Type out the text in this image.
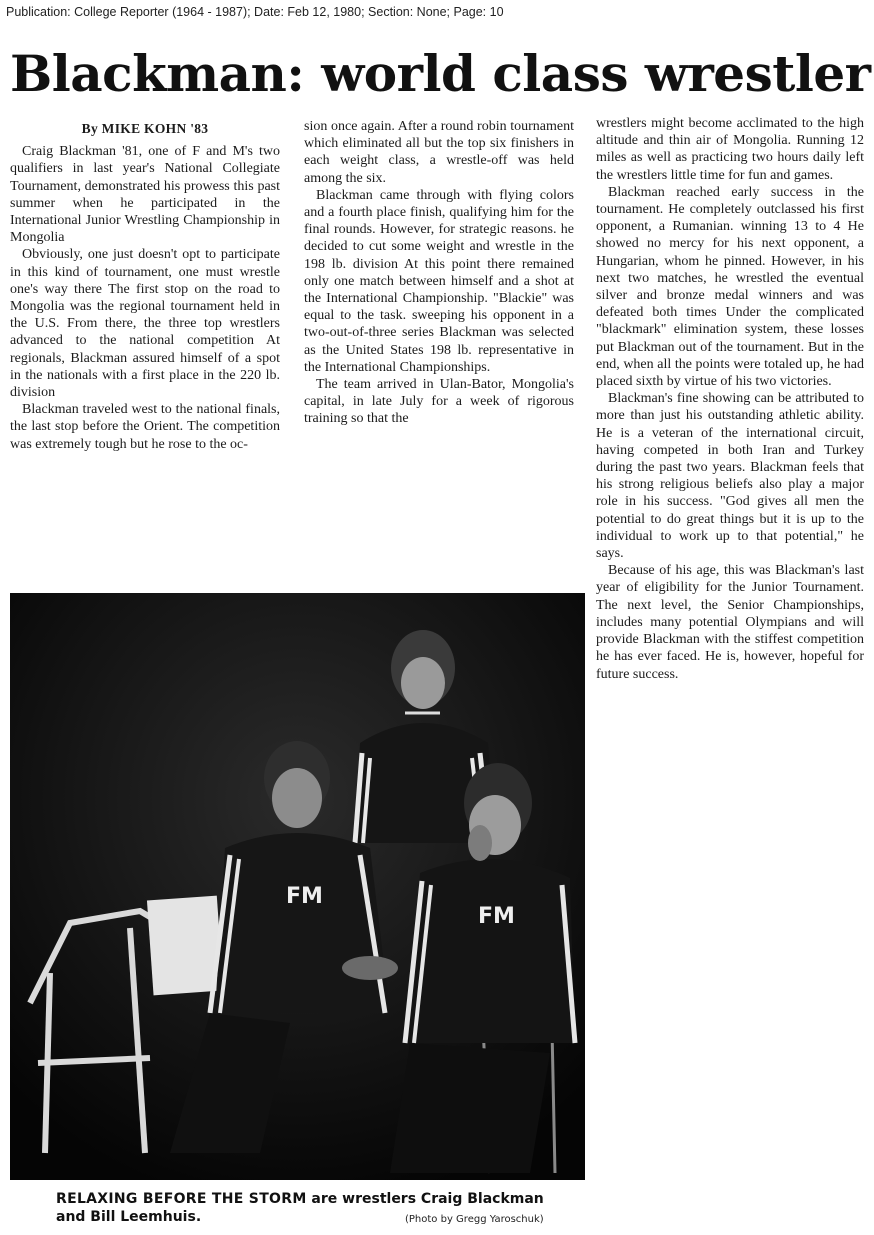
Publication: College Reporter (1964 - 1987); Date: Feb 12, 1980; Section: None; Page: 10
Blackman: world class wrestler

By MIKE KOHN '83

Craig Blackman '81, one of F and M's two qualifiers in last year's National Collegiate Tournament, demonstrated his prowess this past summer when he participated in the International Junior Wrestling Championship in Mongolia

Obviously, one just doesn't opt to participate in this kind of tournament, one must wrestle one's way there The first stop on the road to Mongolia was the regional tournament held in the U.S. From there, the three top wrestlers advanced to the national competition At regionals, Blackman assured himself of a spot in the nationals with a first place in the 220 lb. division

Blackman traveled west to the national finals, the last stop before the Orient. The competition was extremely tough but he rose to the oc-

sion once again. After a round robin tournament which eliminated all but the top six finishers in each weight class, a wrestle-off was held among the six.

Blackman came through with flying colors and a fourth place finish, qualifying him for the final rounds. However, for strategic reasons. he decided to cut some weight and wrestle in the 198 lb. division At this point there remained only one match between himself and a shot at the International Championship. "Blackie" was equal to the task. sweeping his opponent in a two-out-of-three series Blackman was selected as the United States 198 lb. representative in the International Championships.

The team arrived in Ulan-Bator, Mongolia's capital, in late July for a week of rigorous training so that the

wrestlers might become acclimated to the high altitude and thin air of Mongolia. Running 12 miles as well as practicing two hours daily left the wrestlers little time for fun and games.

Blackman reached early success in the tournament. He completely outclassed his first opponent, a Rumanian. winning 13 to 4 He showed no mercy for his next opponent, a Hungarian, whom he pinned. However, in his next two matches, he wrestled the eventual silver and bronze medal winners and was defeated both times Under the complicated "blackmark" elimination system, these losses put Blackman out of the tournament. But in the end, when all the points were totaled up, he had placed sixth by virtue of his two victories.

Blackman's fine showing can be attributed to more than just his outstanding athletic ability. He is a veteran of the international circuit, having competed in both Iran and Turkey during the past two years. Blackman feels that his strong religious beliefs also play a major role in his success. "God gives all men the potential to do great things but it is up to the individual to work up to that potential," he says.

Because of his age, this was Blackman's last year of eligibility for the Junior Tournament. The next level, the Senior Championships, includes many potential Olympians and will provide Blackman with the stiffest competition he has ever faced. He is, however, hopeful for future success.

FM
FM
RELAXING BEFORE THE STORM are wrestlers Craig Blackman and Bill Leemhuis.	(Photo by Gregg Yaroschuk)
